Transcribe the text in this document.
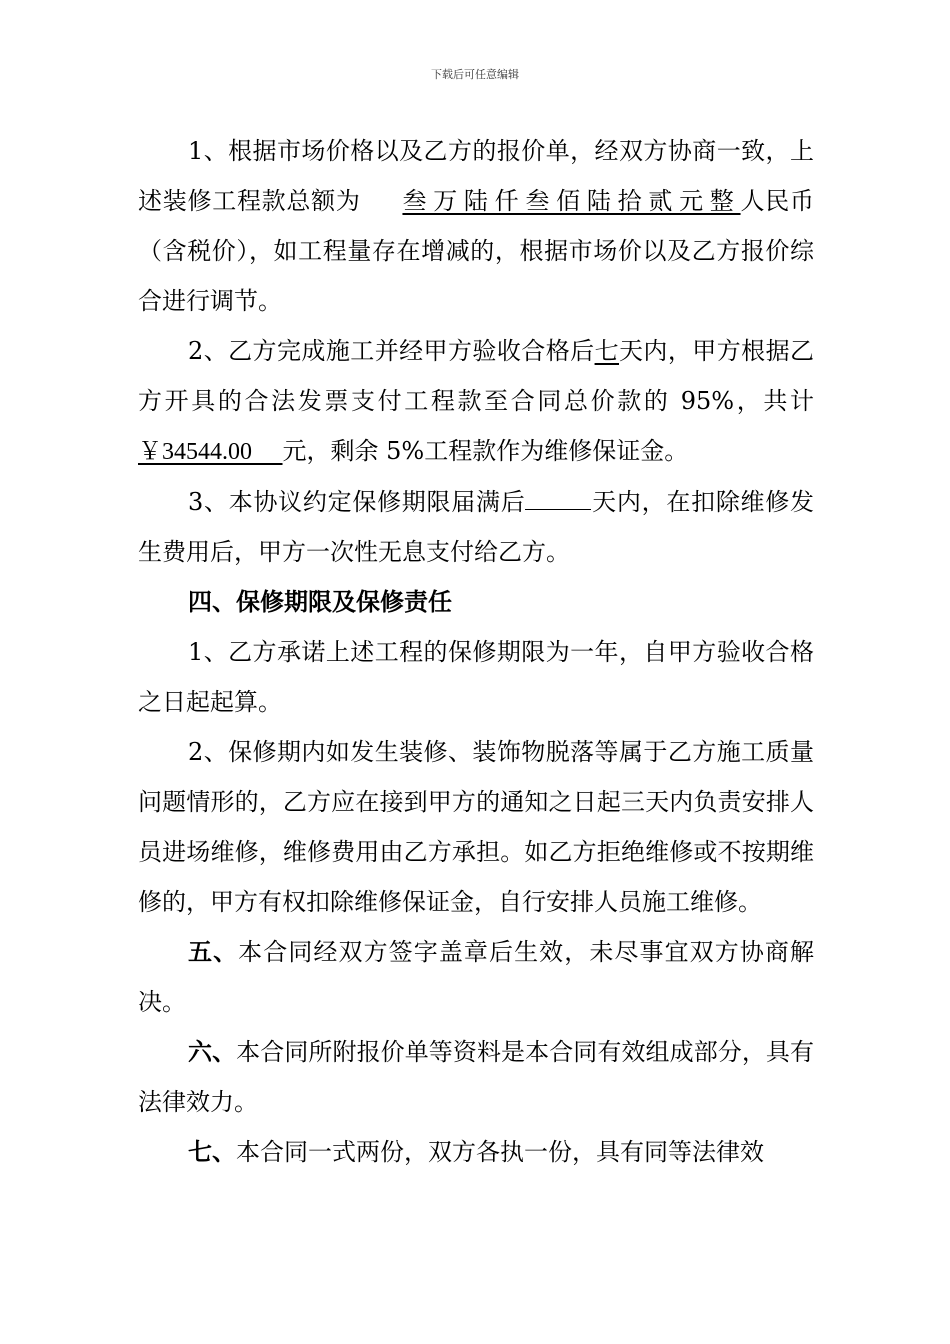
下载后可任意编辑

1、根据市场价格以及乙方的报价单，经双方协商一致，上述装修工程款总额为 叁万陆仟叁佰陆拾贰元整人民币（含税价），如工程量存在增减的，根据市场价以及乙方报价综合进行调节。

2、乙方完成施工并经甲方验收合格后七天内，甲方根据乙方开具的合法发票支付工程款至合同总价款的 95%，共计￥34544.00 元，剩余 5%工程款作为维修保证金。

3、本协议约定保修期限届满后	天内，在扣除维修发生费用后，甲方一次性无息支付给乙方。

四、保修期限及保修责任

1、乙方承诺上述工程的保修期限为一年，自甲方验收合格之日起起算。

2、保修期内如发生装修、装饰物脱落等属于乙方施工质量问题情形的，乙方应在接到甲方的通知之日起三天内负责安排人员进场维修，维修费用由乙方承担。如乙方拒绝维修或不按期维修的，甲方有权扣除维修保证金，自行安排人员施工维修。

五、本合同经双方签字盖章后生效，未尽事宜双方协商解决。

六、本合同所附报价单等资料是本合同有效组成部分，具有法律效力。

七、本合同一式两份，双方各执一份，具有同等法律效
